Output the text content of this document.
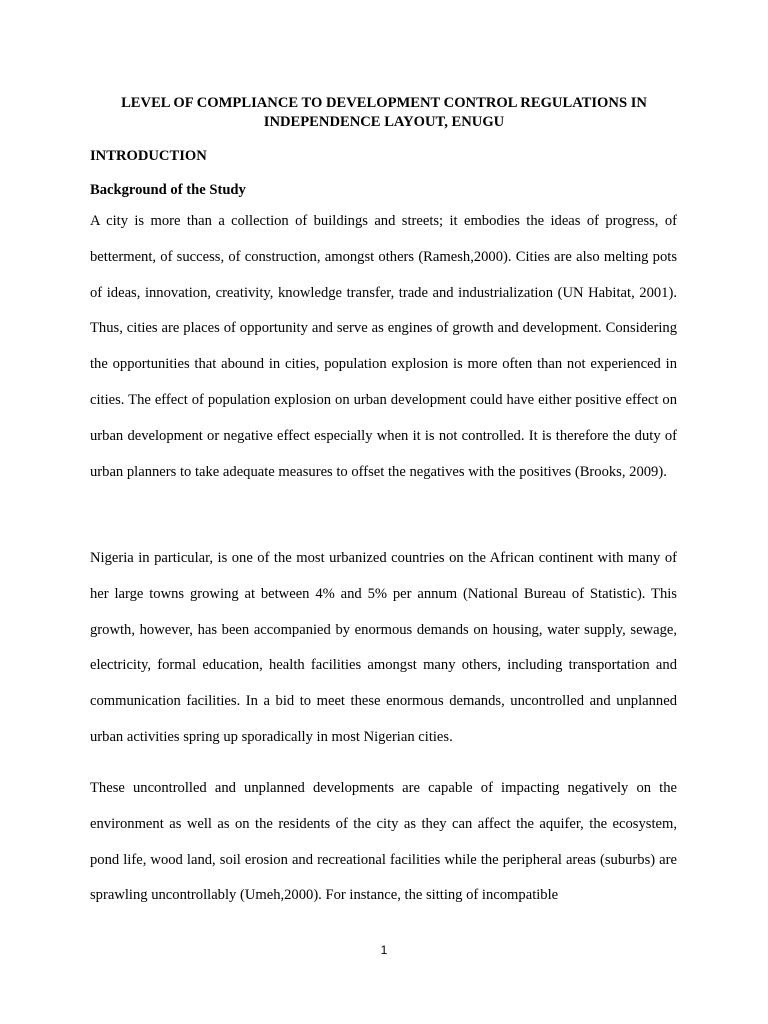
LEVEL OF COMPLIANCE TO DEVELOPMENT CONTROL REGULATIONS IN INDEPENDENCE LAYOUT, ENUGU
INTRODUCTION
Background of the Study

A city is more than a collection of buildings and streets; it embodies the ideas of progress, of betterment, of success, of construction, amongst others (Ramesh,2000). Cities are also melting pots of ideas, innovation, creativity, knowledge transfer, trade and industrialization (UN Habitat, 2001). Thus, cities are places of opportunity and serve as engines of growth and development. Considering the opportunities that abound in cities, population explosion is more often than not experienced in cities. The effect of population explosion on urban development could have either positive effect on urban development or negative effect especially when it is not controlled. It is therefore the duty of urban planners to take adequate measures to offset the negatives with the positives (Brooks, 2009).

Nigeria in particular, is one of the most urbanized countries on the African continent with many of her large towns growing at between 4% and 5% per annum (National Bureau of Statistic). This growth, however, has been accompanied by enormous demands on housing, water supply, sewage, electricity, formal education, health facilities amongst many others, including transportation and communication facilities. In a bid to meet these enormous demands, uncontrolled and unplanned urban activities spring up sporadically in most Nigerian cities.

These uncontrolled and unplanned developments are capable of impacting negatively on the environment as well as on the residents of the city as they can affect the aquifer, the ecosystem, pond life, wood land, soil erosion and recreational facilities while the peripheral areas (suburbs) are sprawling uncontrollably (Umeh,2000). For instance, the sitting of incompatible

1
